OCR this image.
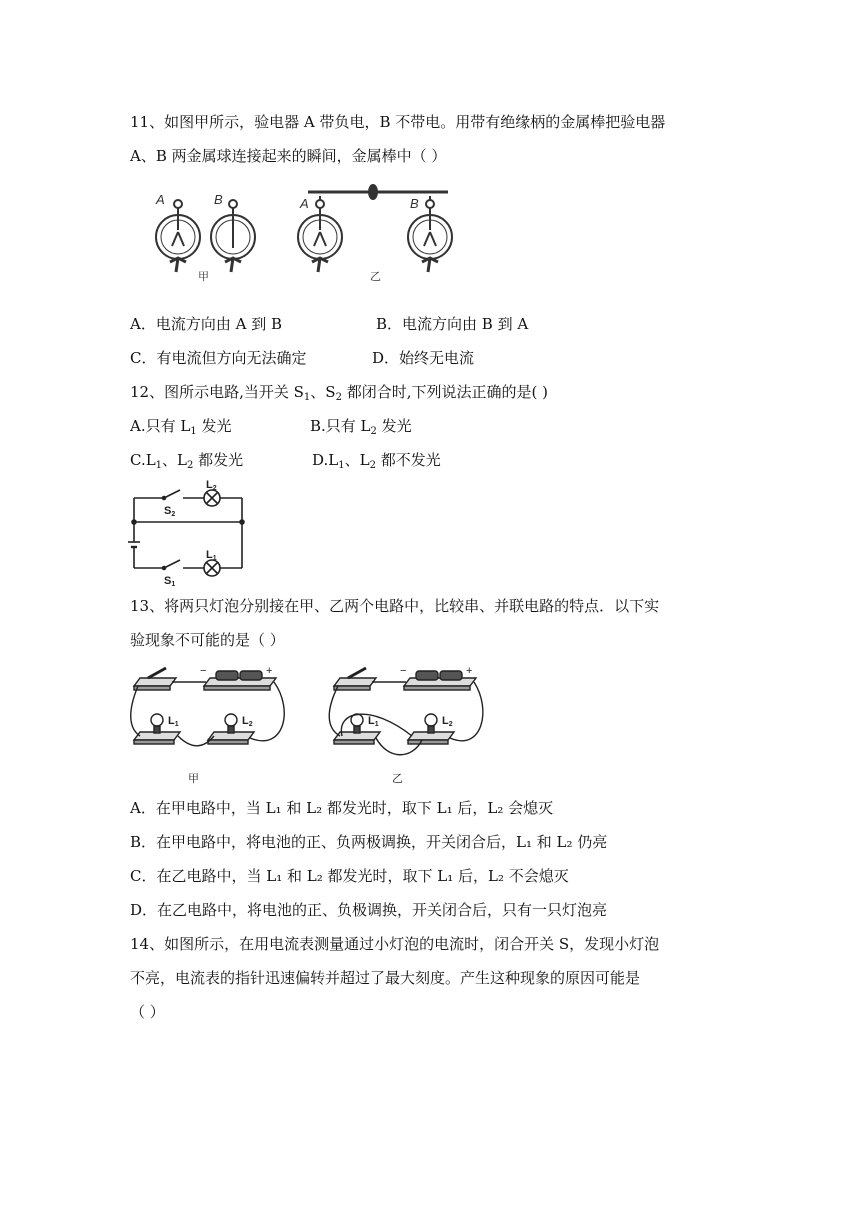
11、如图甲所示，验电器 A 带负电，B 不带电。用带有绝缘柄的金属棒把验电器
A、B 两金属球连接起来的瞬间，金属棒中（ ）
A	B	A	B
甲	乙
A．电流方向由 A 到 B	B．电流方向由 B 到 A
C．有电流但方向无法确定	D．始终无电流
12、图所示电路,当开关 $S_1$、$S_2$ 都闭合时,下列说法正确的是( )
A.只有 $L_1$ 发光	B.只有 $L_2$ 发光
$C.L_1$、$L_2$ 都发光	$D.L_1$、$L_2$ 都不发光
S2
L2
S1
L1
13、将两只灯泡分别接在甲、乙两个电路中，比较串、并联电路的特点．以下实
验现象不可能的是（ ）
−	+	−	+
L1	L2	L1	L2
甲	乙
A．在甲电路中，当 L₁ 和 L₂ 都发光时，取下 L₁ 后，L₂ 会熄灭
B．在甲电路中，将电池的正、负两极调换，开关闭合后，L₁ 和 L₂ 仍亮
C．在乙电路中，当 L₁ 和 L₂ 都发光时，取下 L₁ 后，L₂ 不会熄灭
D．在乙电路中，将电池的正、负极调换，开关闭合后，只有一只灯泡亮
14、如图所示，在用电流表测量通过小灯泡的电流时，闭合开关 S，发现小灯泡
不亮，电流表的指针迅速偏转并超过了最大刻度。产生这种现象的原因可能是
（ ）
